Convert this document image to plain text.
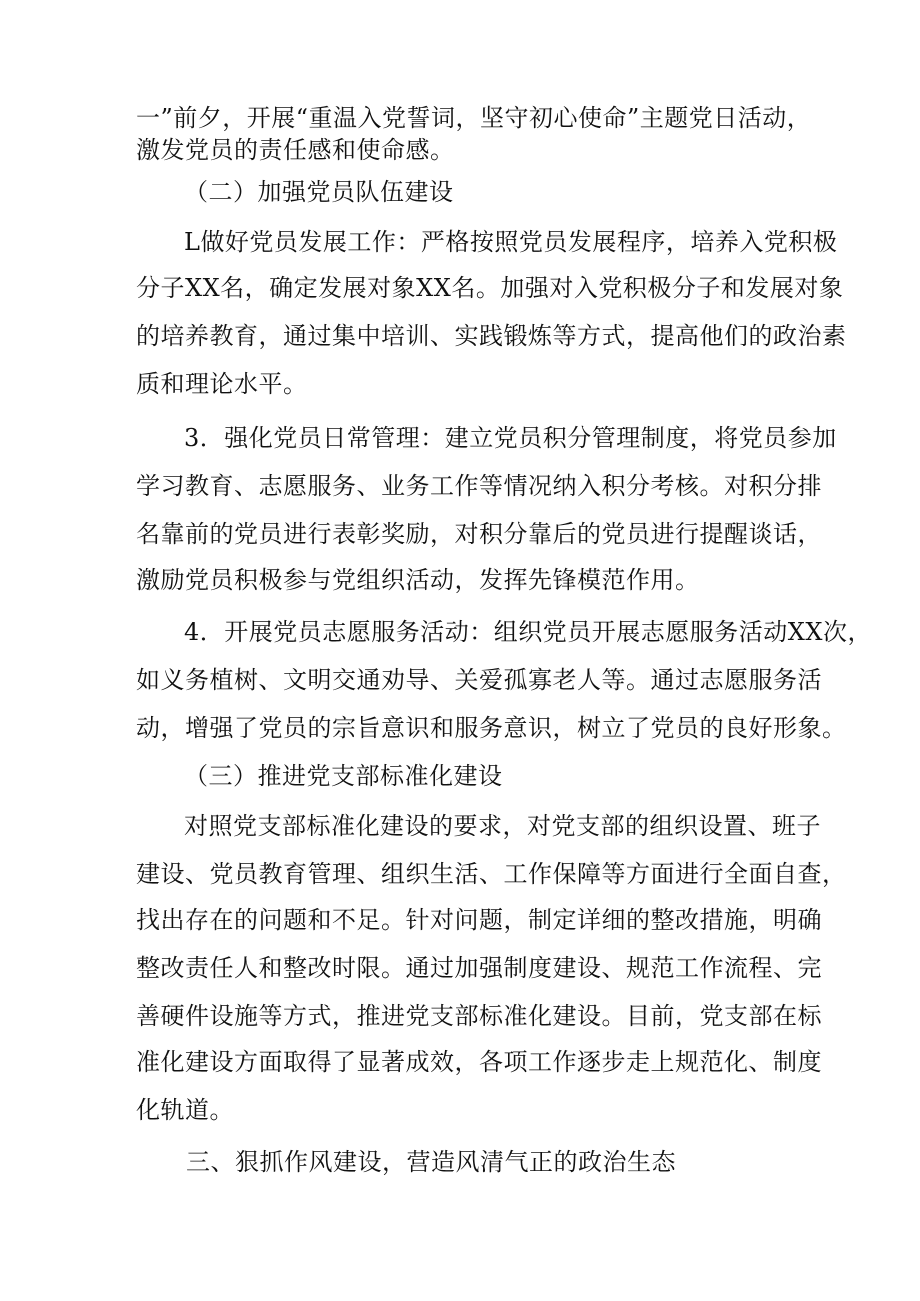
一”前夕，开展“重温入党誓词，坚守初心使命”主题党日活动，
激发党员的责任感和使命感。
（二）加强党员队伍建设
L做好党员发展工作：严格按照党员发展程序，培养入党积极
分子XX名，确定发展对象XX名。加强对入党积极分子和发展对象
的培养教育，通过集中培训、实践锻炼等方式，提高他们的政治素
质和理论水平。
3．强化党员日常管理：建立党员积分管理制度，将党员参加
学习教育、志愿服务、业务工作等情况纳入积分考核。对积分排
名靠前的党员进行表彰奖励，对积分靠后的党员进行提醒谈话，
激励党员积极参与党组织活动，发挥先锋模范作用。
4．开展党员志愿服务活动：组织党员开展志愿服务活动XX次，
如义务植树、文明交通劝导、关爱孤寡老人等。通过志愿服务活
动，增强了党员的宗旨意识和服务意识，树立了党员的良好形象。
（三）推进党支部标准化建设
对照党支部标准化建设的要求，对党支部的组织设置、班子
建设、党员教育管理、组织生活、工作保障等方面进行全面自查，
找出存在的问题和不足。针对问题，制定详细的整改措施，明确
整改责任人和整改时限。通过加强制度建设、规范工作流程、完
善硬件设施等方式，推进党支部标准化建设。目前，党支部在标
准化建设方面取得了显著成效，各项工作逐步走上规范化、制度
化轨道。
三、狠抓作风建设，营造风清气正的政治生态
